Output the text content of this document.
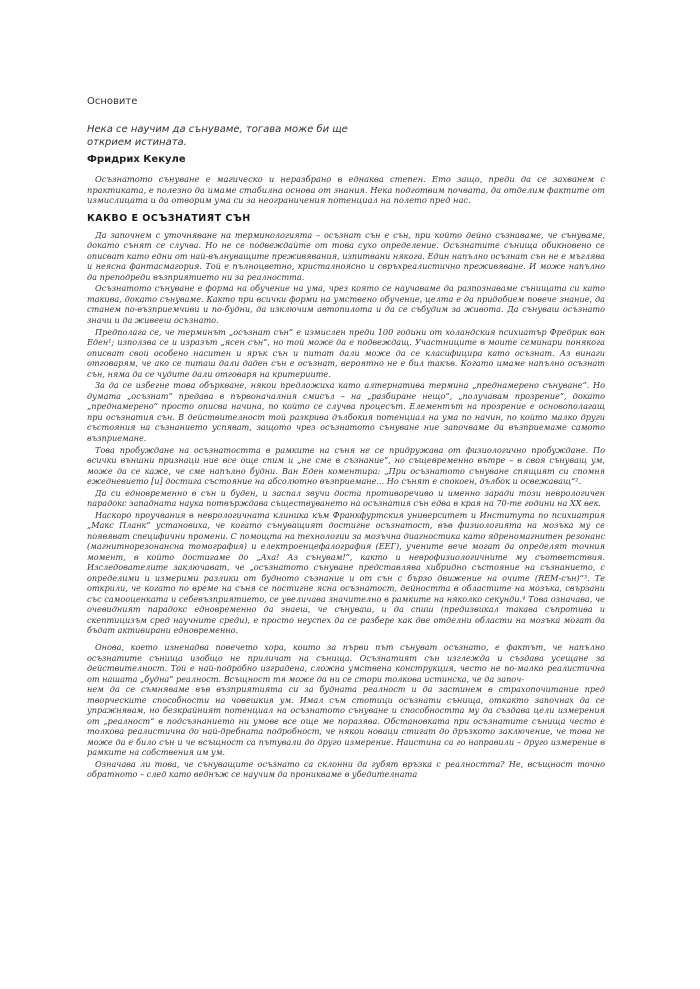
Основите

Нека се научим да сънуваме, тогава може би ще открием истината.

Фридрих Кекуле

Осъзнатото сънуване е магическо и неразбрано в еднаква степен. Ето защо, преди да се захванем с практиката, е полезно да имаме стабилна основа от знания. Нека подготвим почвата, да отделим фактите от измислицата и да отворим ума си за неограничения потенциал на полето пред нас.

КАКВО Е ОСЪЗНАТИЯТ СЪН

Да започнем с уточняване на терминологията – осъзнат сън е сън, при който дейно съзнаваме, че сънуваме, докато сънят се случва. Но не се подвеждайте от това сухо определение. Осъзнатите сънища обикновено се описват като едни от най-вълнуващите преживявания, изпитвани някога. Един напълно осъзнат сън не е мъглява и неясна фантасмагория. Той е пълноцветно, кристалноясно и свръхреалистично преживяване. И може напълно да преподреди възприятието ни за реалността.

Осъзнатото сънуване е форма на обучение на ума, чрез която се научаваме да разпознаваме сънищата си като такива, докато сънуваме. Както при всички форми на умствено обучение, целта е да придобием повече знание, да станем по-възприемчиви и по-будни, да изключим автопилота и да се събудим за живота. Да сънуваш осъзнато значи и да живееш осъзнато.

Предполага се, че терминът „осъзнат сън“ е измислен преди 100 години от холандския психиатър Фредрик ван Еден¹; използва се и изразът „ясен сън“, но той може да е подвеждащ. Участниците в моите семинари понякога описват свой особено наситен и ярък сън и питат дали може да се класифицира като осъзнат. Аз винаги отговарям, че ако се питаш дали даден сън е осъзнат, вероятно не е бил такъв. Когато имаме напълно осъзнат сън, няма да се чудите дали отговаря на критериите.

За да се избегне това объркване, някои предложиха като алтернатива термина „преднамерено сънуване“. Но думата „осъзнат“ предава в първоначалния смисъл – на „разбиране нещо“, „получавам прозрение“, докато „преднамерено“ просто описва начина, по който се случва процесът. Елементът на прозрение е основополагащ при осъзнатия сън. В действителност той разкрива дълбокия потенциал на ума по начин, по който малко други състояния на съзнанието успяват, защото чрез осъзнатото сънуване ние започваме да възприемаме самото възприемане.

Това пробуждане на осъзнатостта в рамките на съня не се придружава от физиологично пробуждане. По всички външни признаци ние все още спим и „не сме в съзнание“, но същевременно вътре – в своя сънуващ ум, може да се каже, че сме напълно будни. Ван Еден коментира: „При осъзнатото сънуване спящият си спомня ежедневието [и] достига състояние на абсолютно възприемане... Но сънят е спокоен, дълбок и освежаващ“².

Да си едновременно в сън и буден, и заспал звучи доста противоречиво и именно заради този неврологичен парадокс западната наука потвърждава съществуването на осъзнатия сън едва в края на 70-те години на XX век.

Наскоро проучвания в неврологичната клиника към Франкфуртския университет и Института по психиатрия „Макс Планк“ установиха, че когато сънуващият достигне осъзнатост, във физиологията на мозъка му се появяват специфични промени. С помощта на технологии за мозъчна диагностика като ядреномагнитен резонанс (магнитнорезонансна томография) и електроенцефалография (ЕЕГ), учените вече могат да определят точния момент, в който достигаме до „Аха! Аз сънувам!“, както и неврофизиологичните му съответствия. Изследователите заключават, че „осъзнатото сънуване представлява хибридно състояние на съзнанието, с определими и измерими разлики от будното съзнание и от сън с бързо движение на очите (REM-сън)“³. Те открили, че когато по време на съня се постигне ясна осъзнатост, дейността в областите на мозъка, свързани със самооценката и себевъзприятието, се увеличава значително в рамките на няколко секунди.⁴ Това означава, че очевидният парадокс едновременно да знаеш, че сънуваш, и да спиш (предизвикал такава съпротива и скептицизъм сред научните среди), е просто неуспех да се разбере как две отделни области на мозъка могат да бъдат активирани едновременно.

Онова, което изненадва повечето хора, които за първи път сънуват осъзнато, е фактът, че напълно осъзнатите сънища изобщо не приличат на сънища. Осъзнатият сън изглежда и създава усещане за действителност. Той е най-подробно изградена, сложна умствена конструкция, често не по-малко реалистична от нашата „будна“ реалност. Всъщност тя може да ни се стори толкова истинска, че да започ-
нем да се съмняваме във възприятията си за будната реалност и да застинем в страхопочитание пред творческите способности на човешкия ум. Имал съм стотици осъзнати сънища, откакто започнах да се упражнявам, но безкрайният потенциал на осъзнатото сънуване и способността му да създава цели измерения от „реалност“ в подсъзнанието ни умове все още ме поразява. Обстановката при осъзнатите сънища често е толкова реалистична до най-дребната подробност, че някои новаци стигат до дръзкото заключение, че това не може да е било сън и че всъщност са пътували до друго измерение. Наистина са го направили – друго измерение в рамките на собствения им ум.

Означава ли това, че сънуващите осъзнато са склонни да губят връзка с реалността? Не, всъщност точно обратното – след като веднъж се научим да проникваме в убедителната
